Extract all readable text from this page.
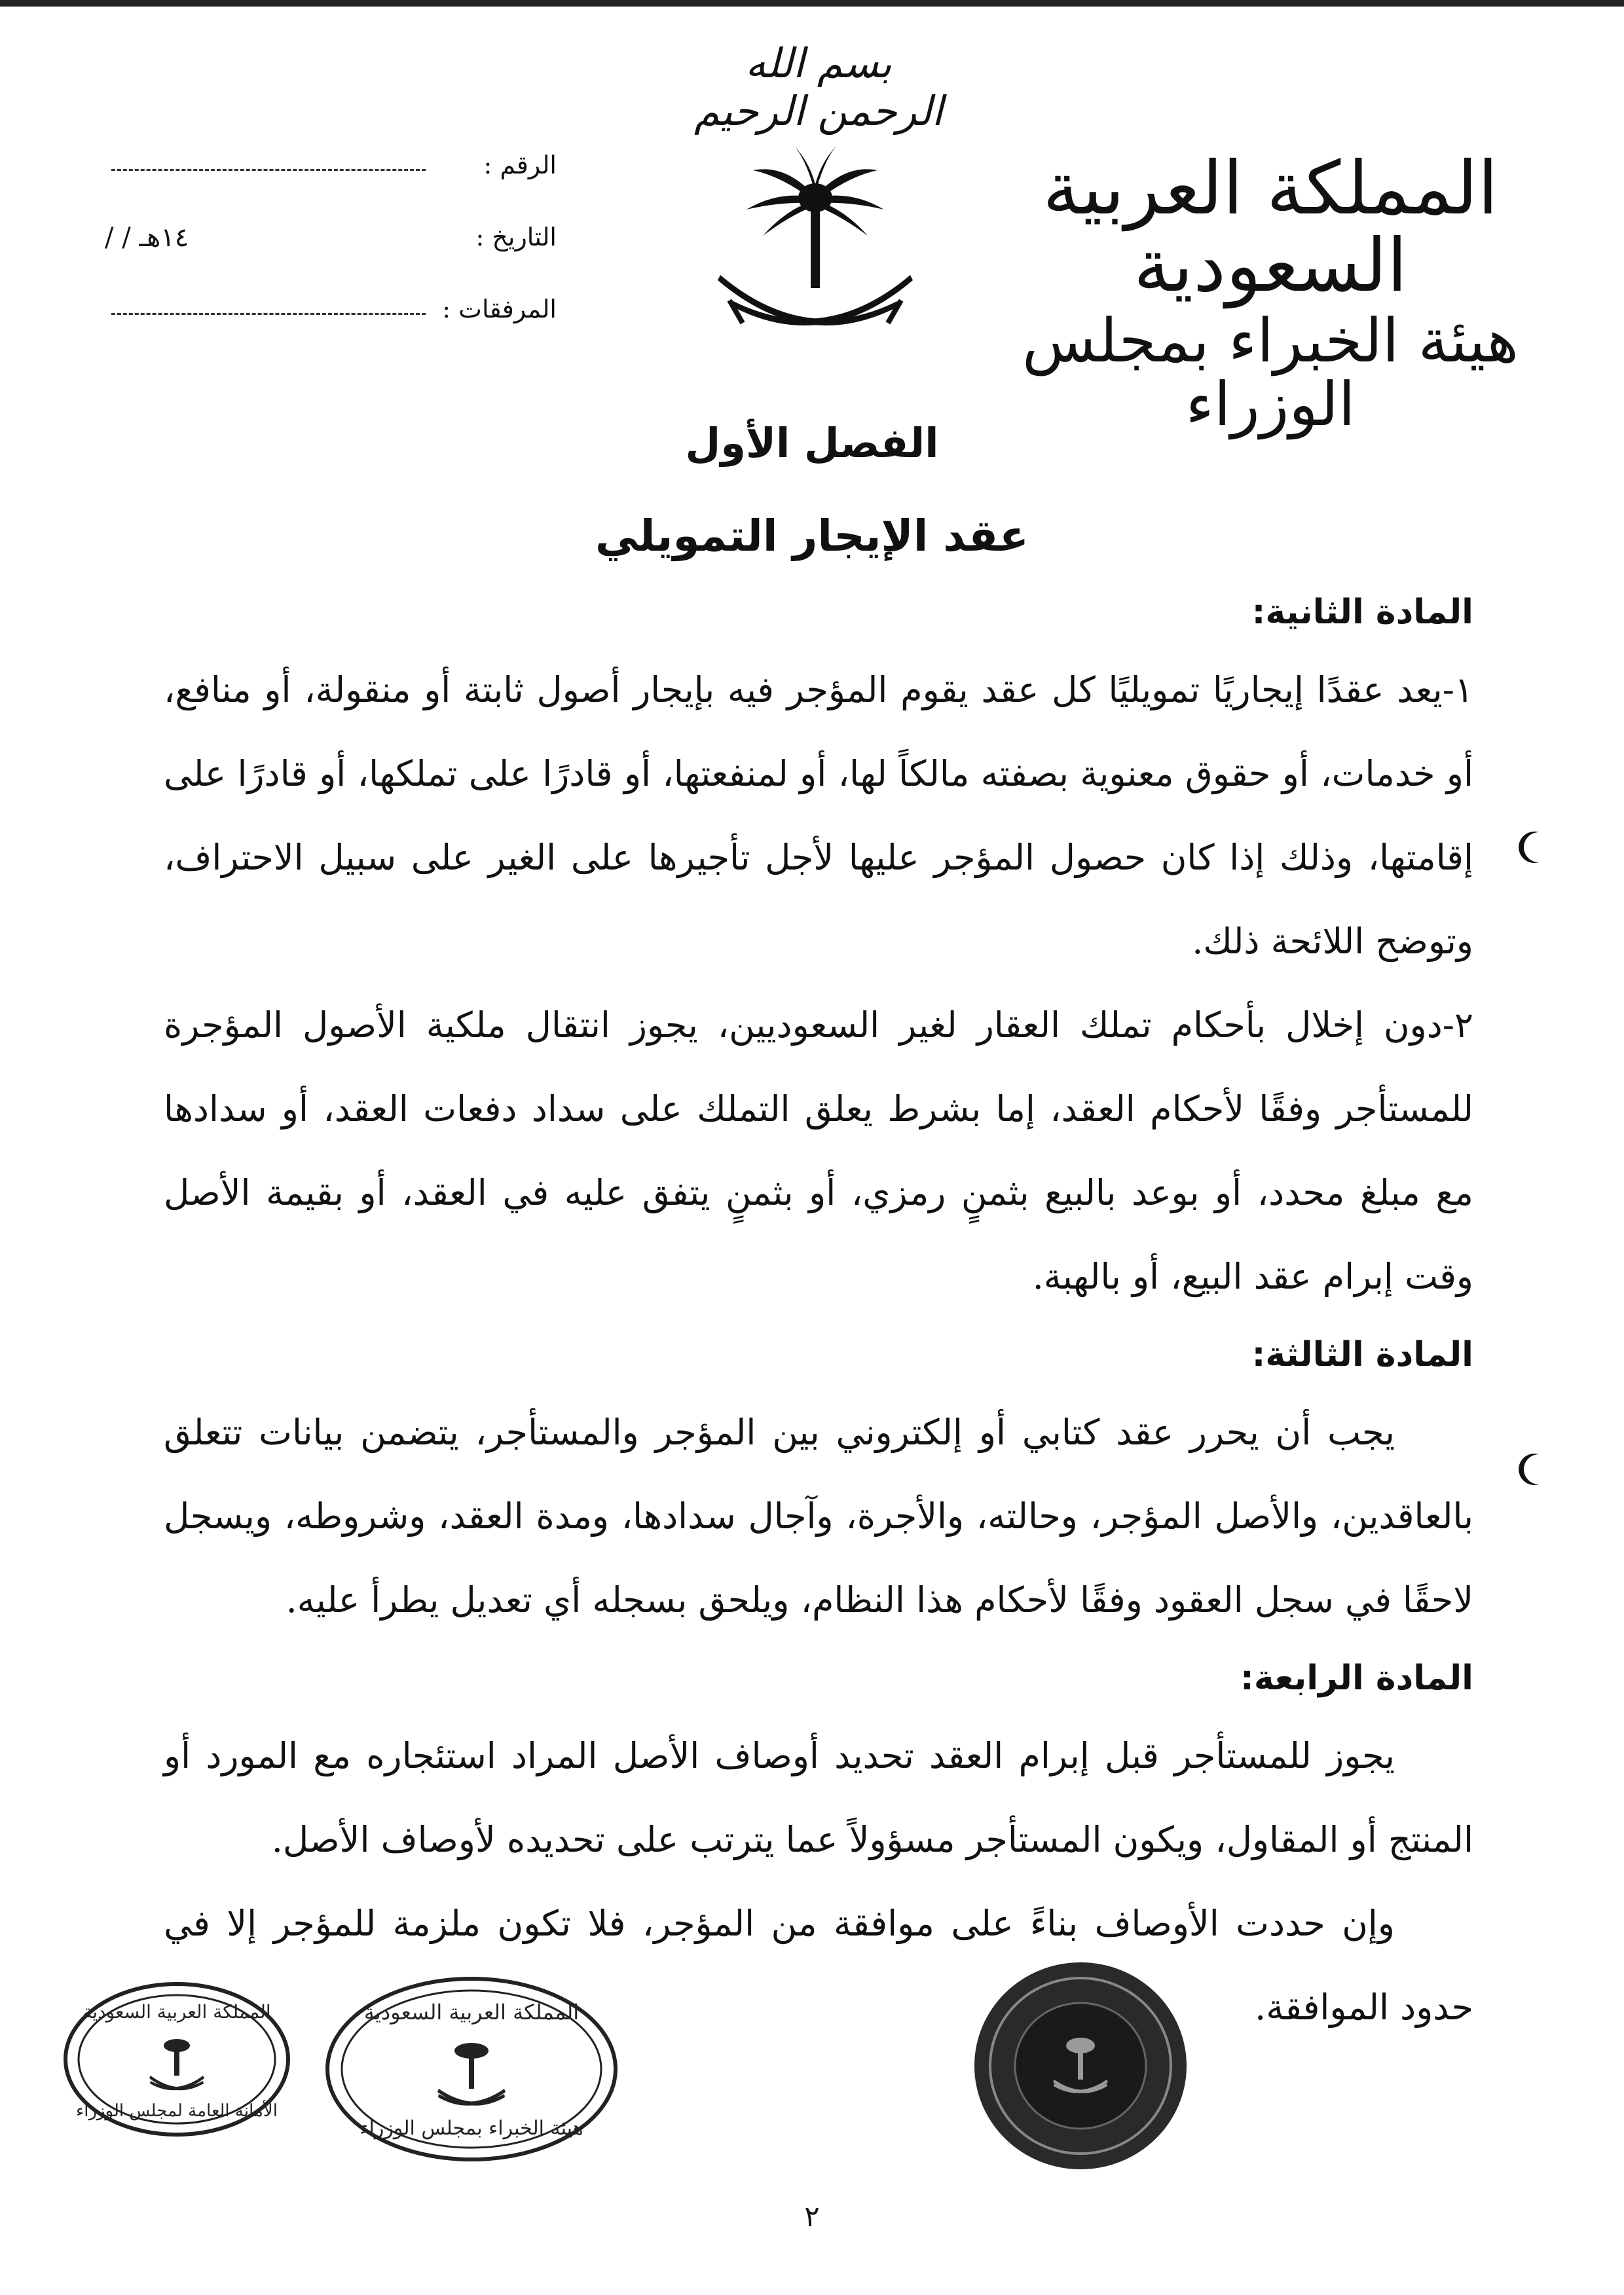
بسم الله الرحمن الرحيم
المملكة العربية السعودية
هيئة الخبراء بمجلس الوزراء
الرقم :
التاريخ :
/ / ١٤هـ
المرفقات :
الفصل الأول
عقد الإيجار التمويلي
المادة الثانية:

١-يعد عقدًا إيجاريًا تمويليًا كل عقد يقوم المؤجر فيه بإيجار أصول ثابتة أو منقولة، أو منافع، أو خدمات، أو حقوق معنوية بصفته مالكاً لها، أو لمنفعتها، أو قادرًا على تملكها، أو قادرًا على إقامتها، وذلك إذا كان حصول المؤجر عليها لأجل تأجيرها على الغير على سبيل الاحتراف، وتوضح اللائحة ذلك.

٢-دون إخلال بأحكام تملك العقار لغير السعوديين، يجوز انتقال ملكية الأصول المؤجرة للمستأجر وفقًا لأحكام العقد، إما بشرط يعلق التملك على سداد دفعات العقد، أو سدادها مع مبلغ محدد، أو بوعد بالبيع بثمنٍ رمزي، أو بثمنٍ يتفق عليه في العقد، أو بقيمة الأصل وقت إبرام عقد البيع، أو بالهبة.

المادة الثالثة:

يجب أن يحرر عقد كتابي أو إلكتروني بين المؤجر والمستأجر، يتضمن بيانات تتعلق بالعاقدين، والأصل المؤجر، وحالته، والأجرة، وآجال سدادها، ومدة العقد، وشروطه، ويسجل لاحقًا في سجل العقود وفقًا لأحكام هذا النظام، ويلحق بسجله أي تعديل يطرأ عليه.

المادة الرابعة:

يجوز للمستأجر قبل إبرام العقد تحديد أوصاف الأصل المراد استئجاره مع المورد أو المنتج أو المقاول، ويكون المستأجر مسؤولاً عما يترتب على تحديده لأوصاف الأصل.

وإن حددت الأوصاف بناءً على موافقة من المؤجر، فلا تكون ملزمة للمؤجر إلا في حدود الموافقة.

المملكة العربية السعودية
الأمانة العامة لمجلس الوزراء
المملكة العربية السعودية
هيئة الخبراء بمجلس الوزراء
٢
